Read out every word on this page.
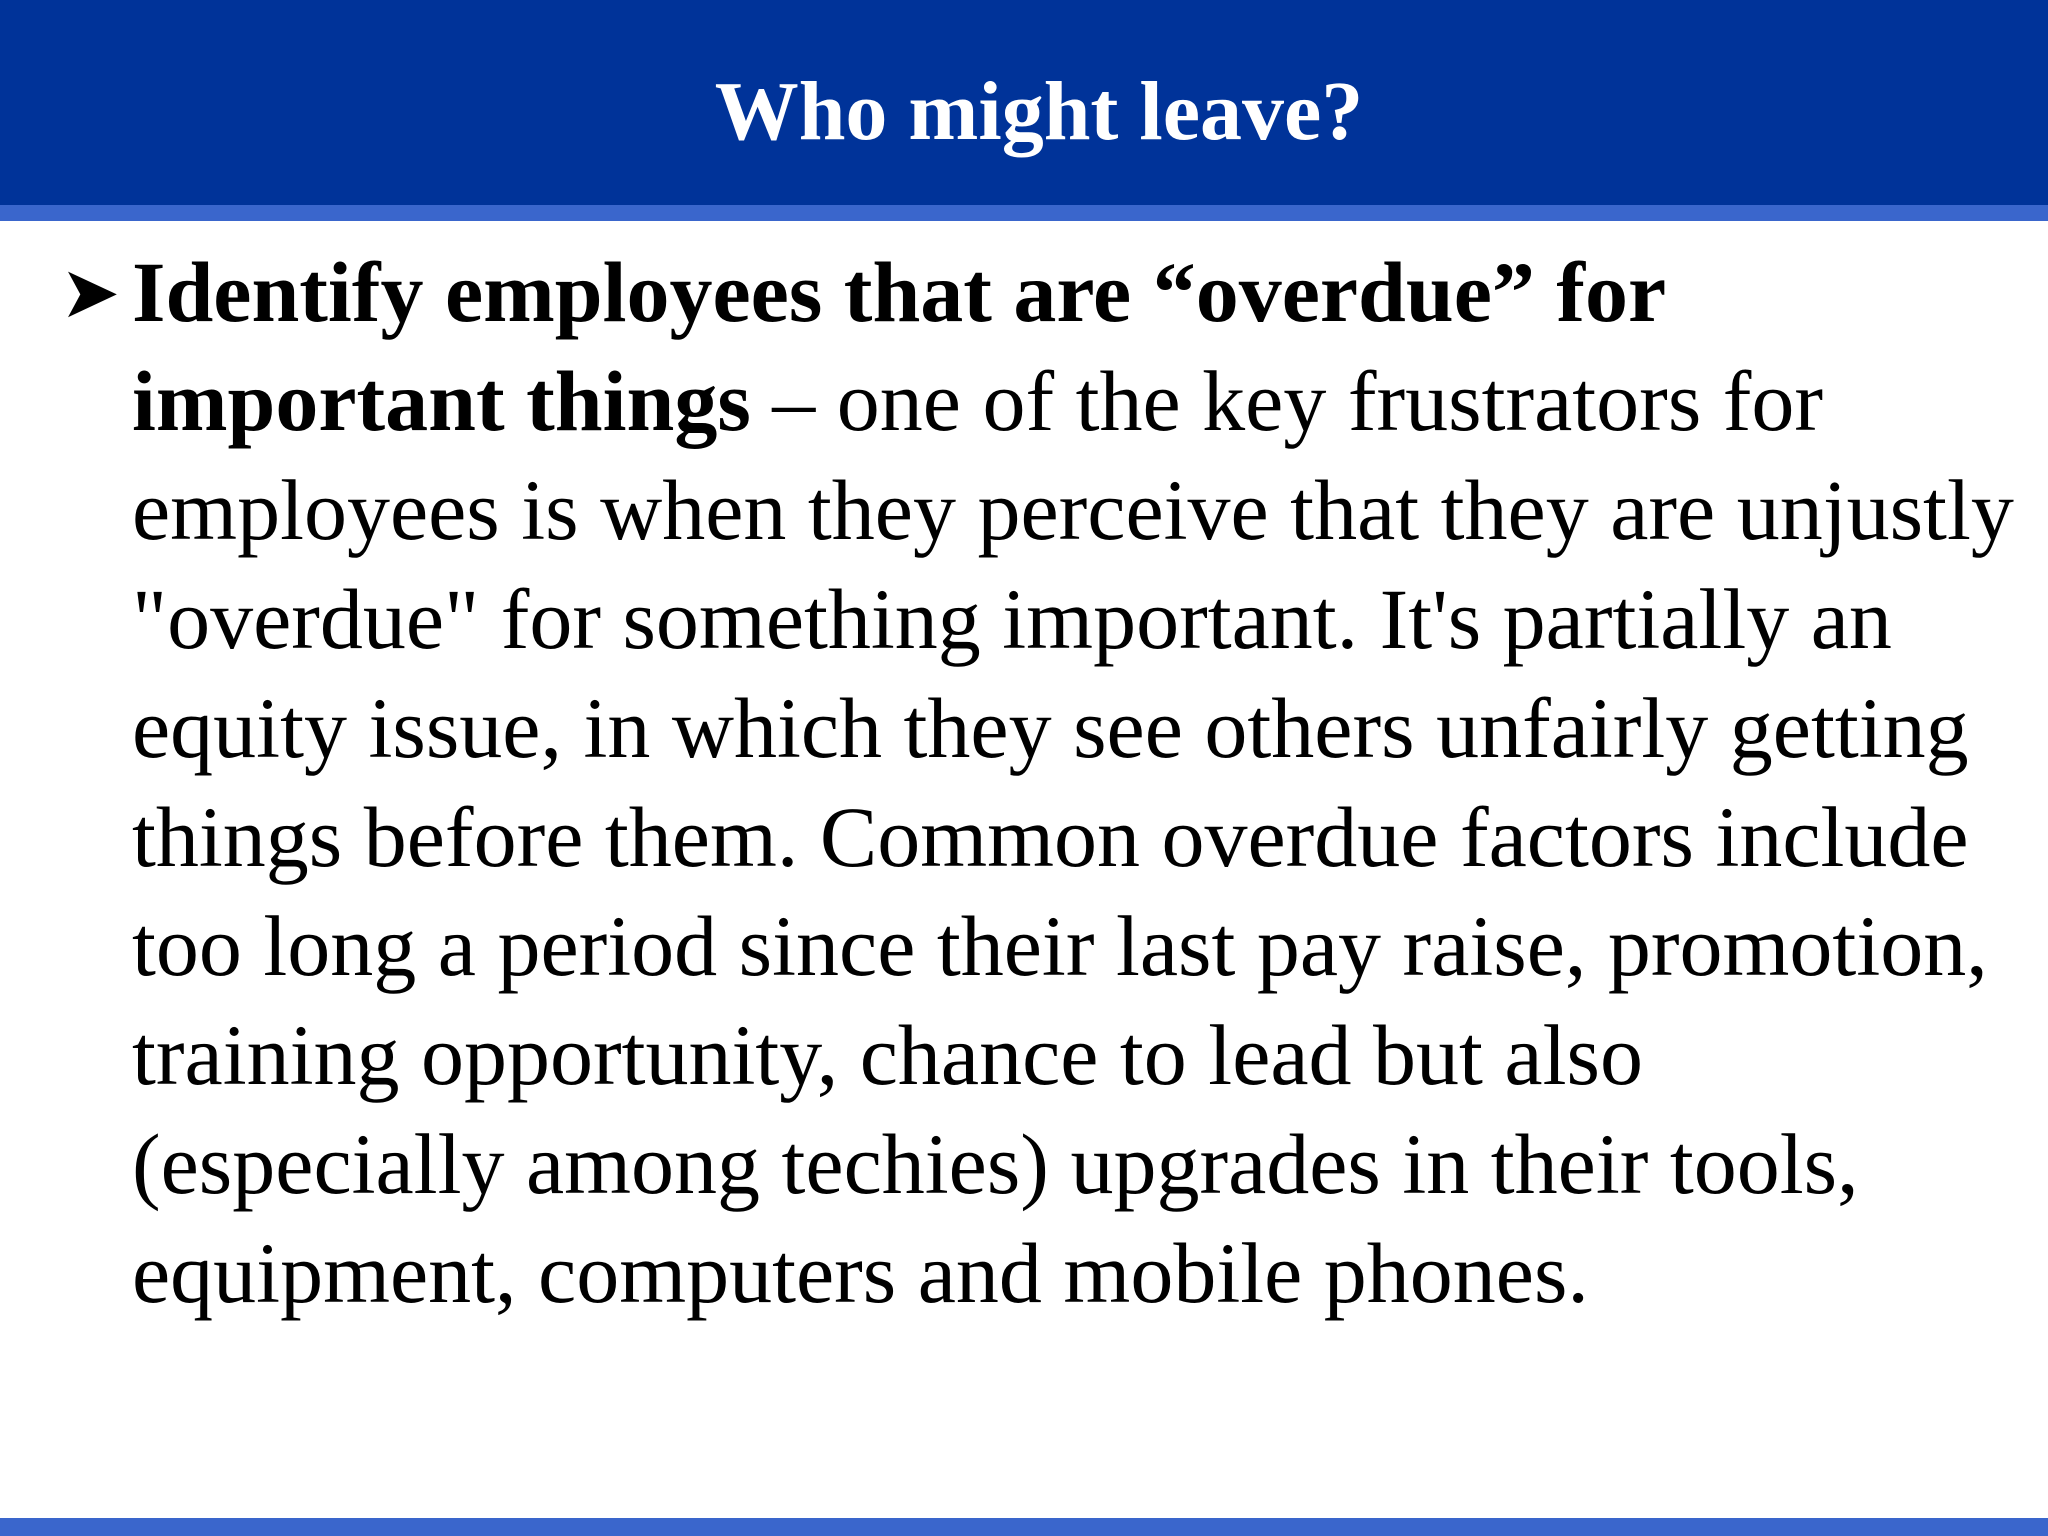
Who might leave?
➤ Identify employees that are “overdue” for important things – one of the key frustrators for employees is when they perceive that they are unjustly "overdue" for something important. It's partially an equity issue, in which they see others unfairly getting things before them. Common overdue factors include too long a period since their last pay raise, promotion, training opportunity, chance to lead but also (especially among techies) upgrades in their tools, equipment, computers and mobile phones.
